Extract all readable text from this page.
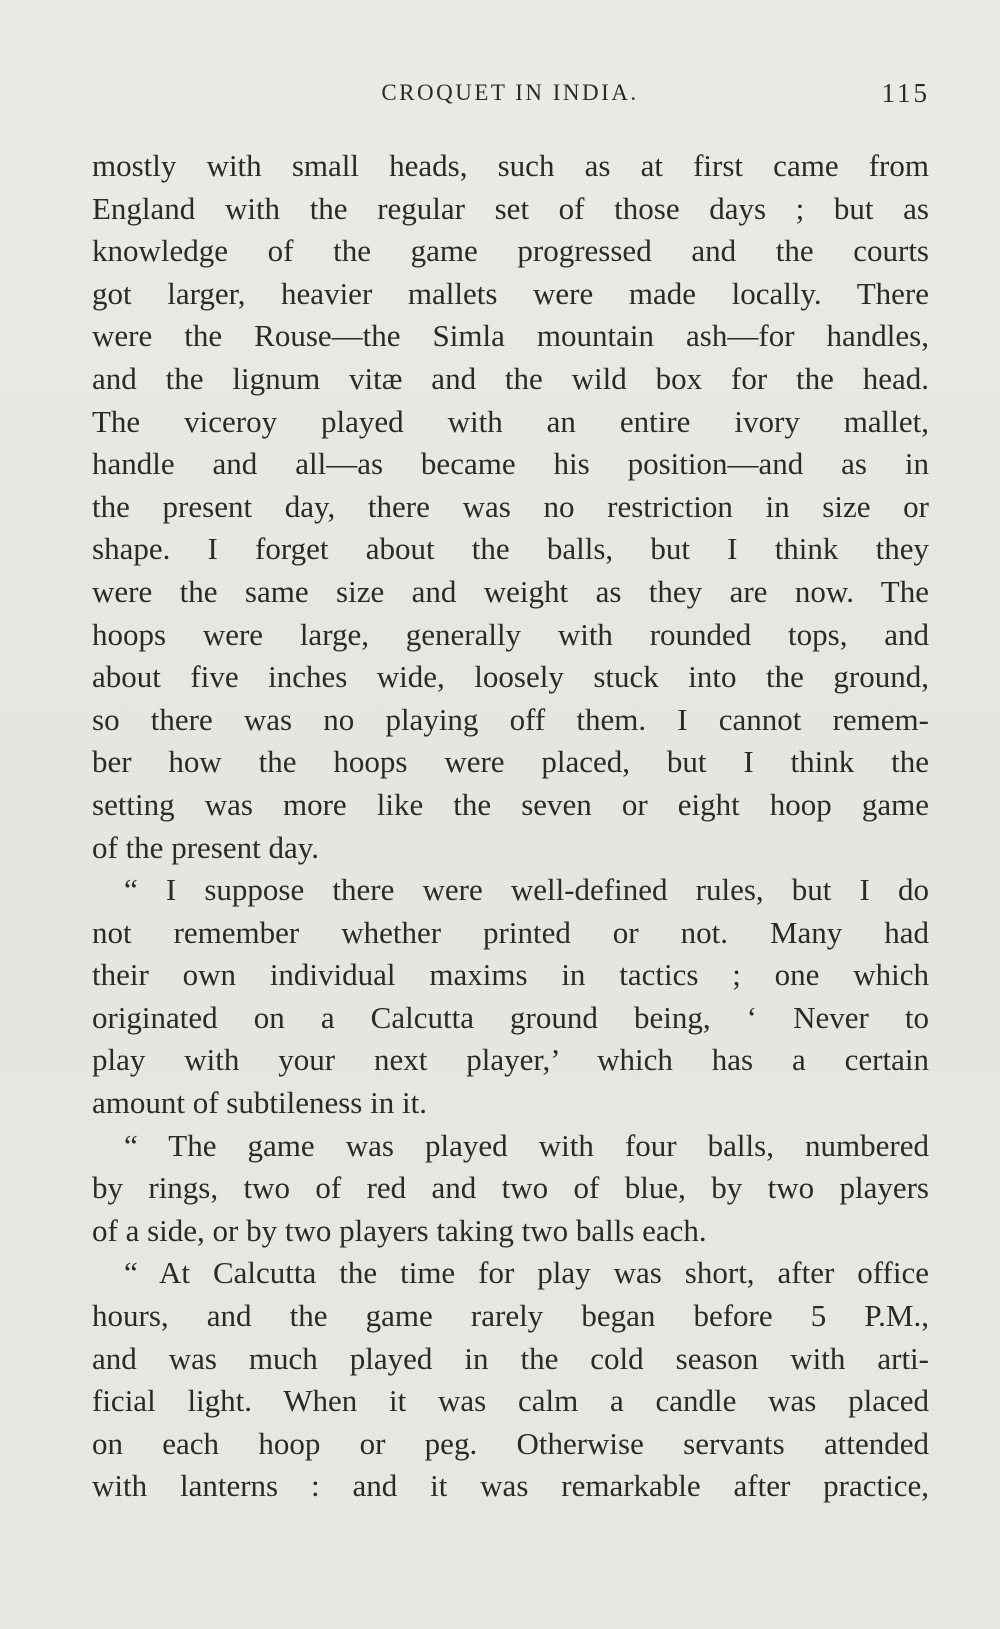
CROQUET IN INDIA.	115
mostly with small heads, such as at first came from
England with the regular set of those days ; but as
knowledge of the game progressed and the courts
got larger, heavier mallets were made locally. There
were the Rouse—the Simla mountain ash—for handles,
and the lignum vitæ and the wild box for the head.
The viceroy played with an entire ivory mallet,
handle and all—as became his position—and as in
the present day, there was no restriction in size or
shape. I forget about the balls, but I think they
were the same size and weight as they are now. The
hoops were large, generally with rounded tops, and
about five inches wide, loosely stuck into the ground,
so there was no playing off them. I cannot remem-
ber how the hoops were placed, but I think the
setting was more like the seven or eight hoop game
of the present day.
“ I suppose there were well-defined rules, but I do
not remember whether printed or not. Many had
their own individual maxims in tactics ; one which
originated on a Calcutta ground being, ‘ Never to
play with your next player,’ which has a certain
amount of subtileness in it.
“ The game was played with four balls, numbered
by rings, two of red and two of blue, by two players
of a side, or by two players taking two balls each.
“ At Calcutta the time for play was short, after office
hours, and the game rarely began before 5 P.M.,
and was much played in the cold season with arti-
ficial light. When it was calm a candle was placed
on each hoop or peg. Otherwise servants attended
with lanterns : and it was remarkable after practice,
